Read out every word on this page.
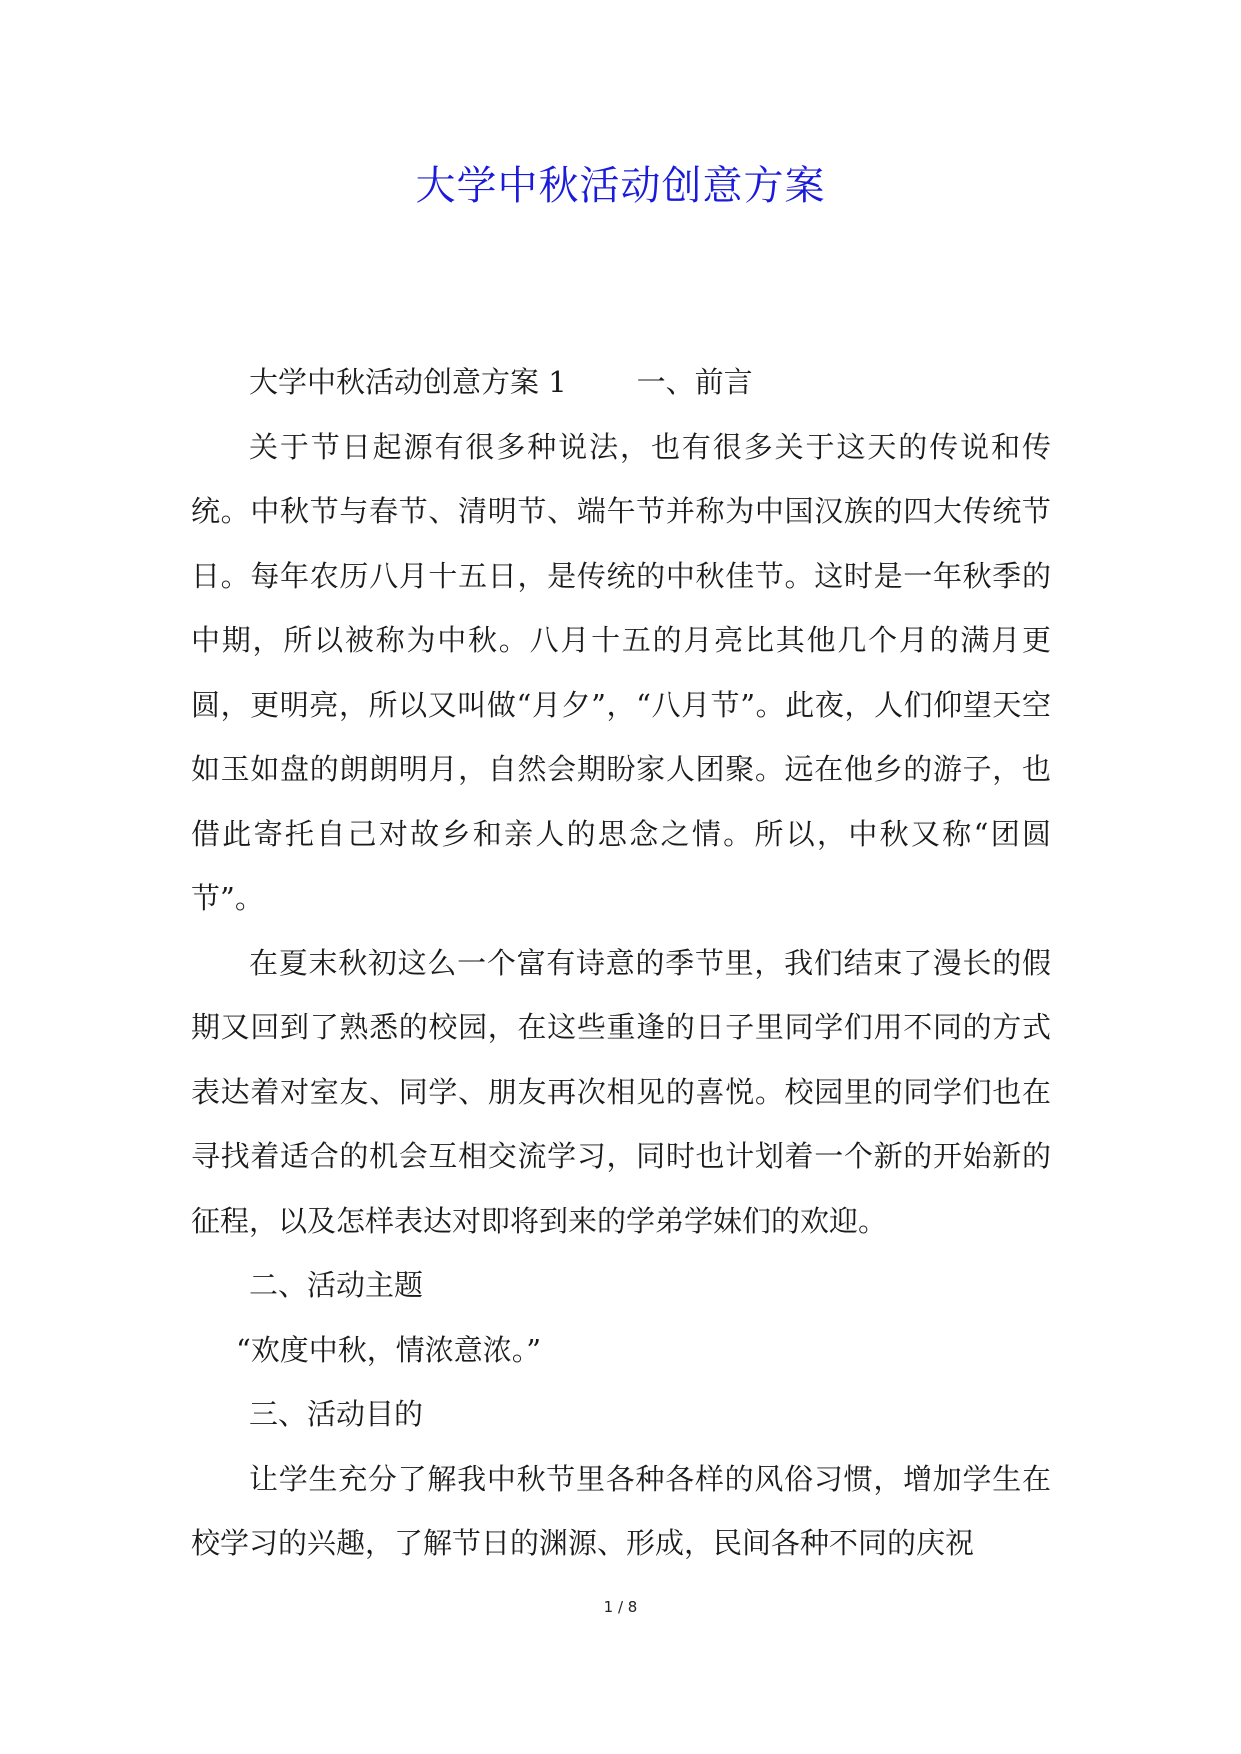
大学中秋活动创意方案

大学中秋活动创意方案 1 一、前言

关于节日起源有很多种说法，也有很多关于这天的传说和传统。中秋节与春节、清明节、端午节并称为中国汉族的四大传统节日。每年农历八月十五日，是传统的中秋佳节。这时是一年秋季的中期，所以被称为中秋。八月十五的月亮比其他几个月的满月更圆，更明亮，所以又叫做“月夕”，“八月节”。此夜，人们仰望天空如玉如盘的朗朗明月，自然会期盼家人团聚。远在他乡的游子，也借此寄托自己对故乡和亲人的思念之情。所以，中秋又称“团圆节”。

在夏末秋初这么一个富有诗意的季节里，我们结束了漫长的假期又回到了熟悉的校园，在这些重逢的日子里同学们用不同的方式表达着对室友、同学、朋友再次相见的喜悦。校园里的同学们也在寻找着适合的机会互相交流学习，同时也计划着一个新的开始新的征程，以及怎样表达对即将到来的学弟学妹们的欢迎。

二、活动主题

“欢度中秋，情浓意浓。”

三、活动目的

让学生充分了解我中秋节里各种各样的风俗习惯，增加学生在校学习的兴趣，了解节日的渊源、形成，民间各种不同的庆祝

1 / 8
